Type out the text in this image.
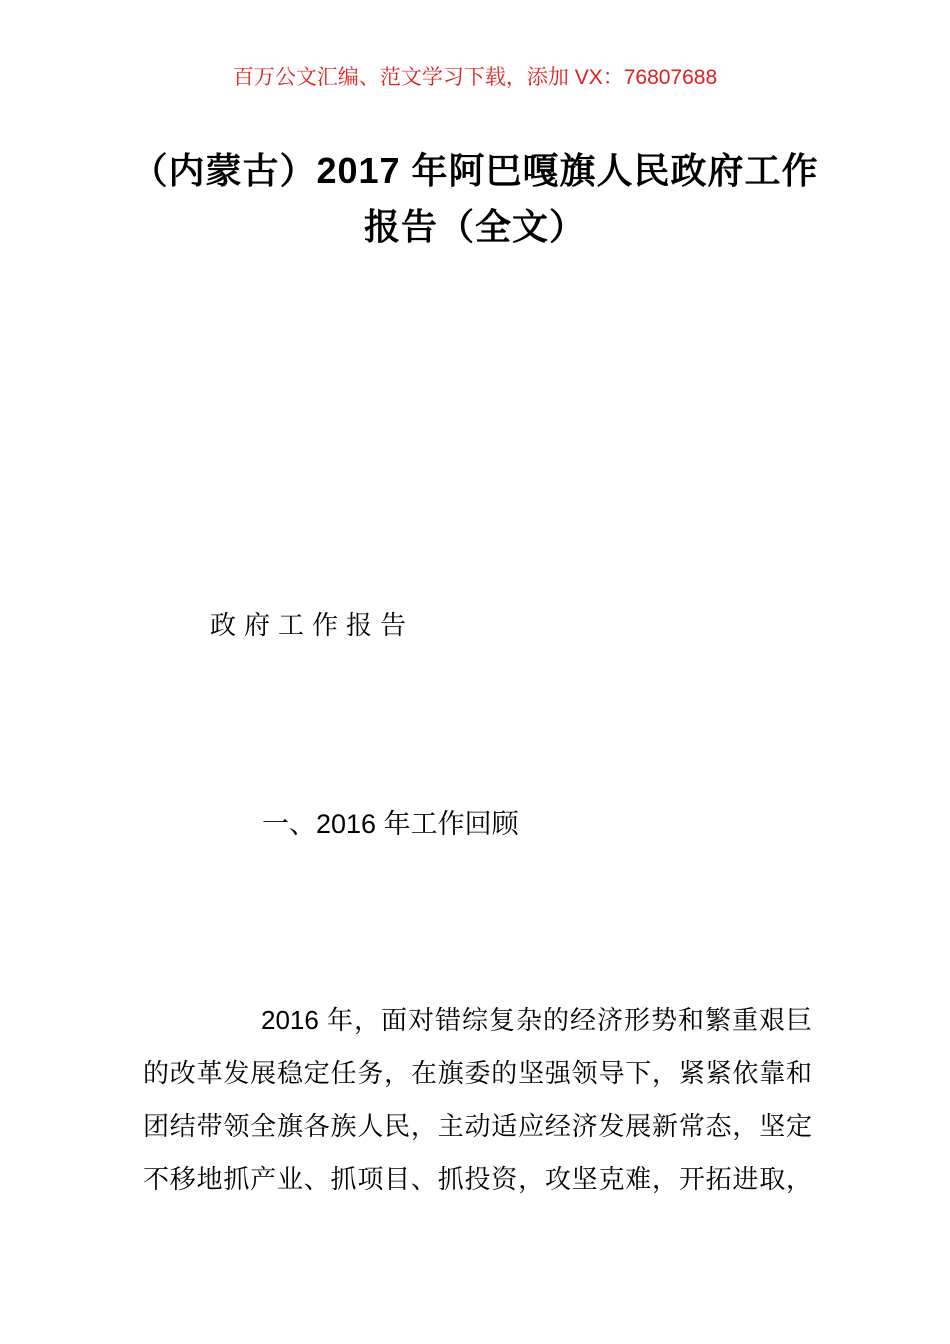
百万公文汇编、范文学习下载，添加 VX：76807688

（内蒙古）2017 年阿巴嘎旗人民政府工作
报告（全文）

政府工作报告

一、2016 年工作回顾

2016 年，面对错综复杂的经济形势和繁重艰巨
的改革发展稳定任务，在旗委的坚强领导下，紧紧依靠和
团结带领全旗各族人民，主动适应经济发展新常态，坚定
不移地抓产业、抓项目、抓投资，攻坚克难，开拓进取，
